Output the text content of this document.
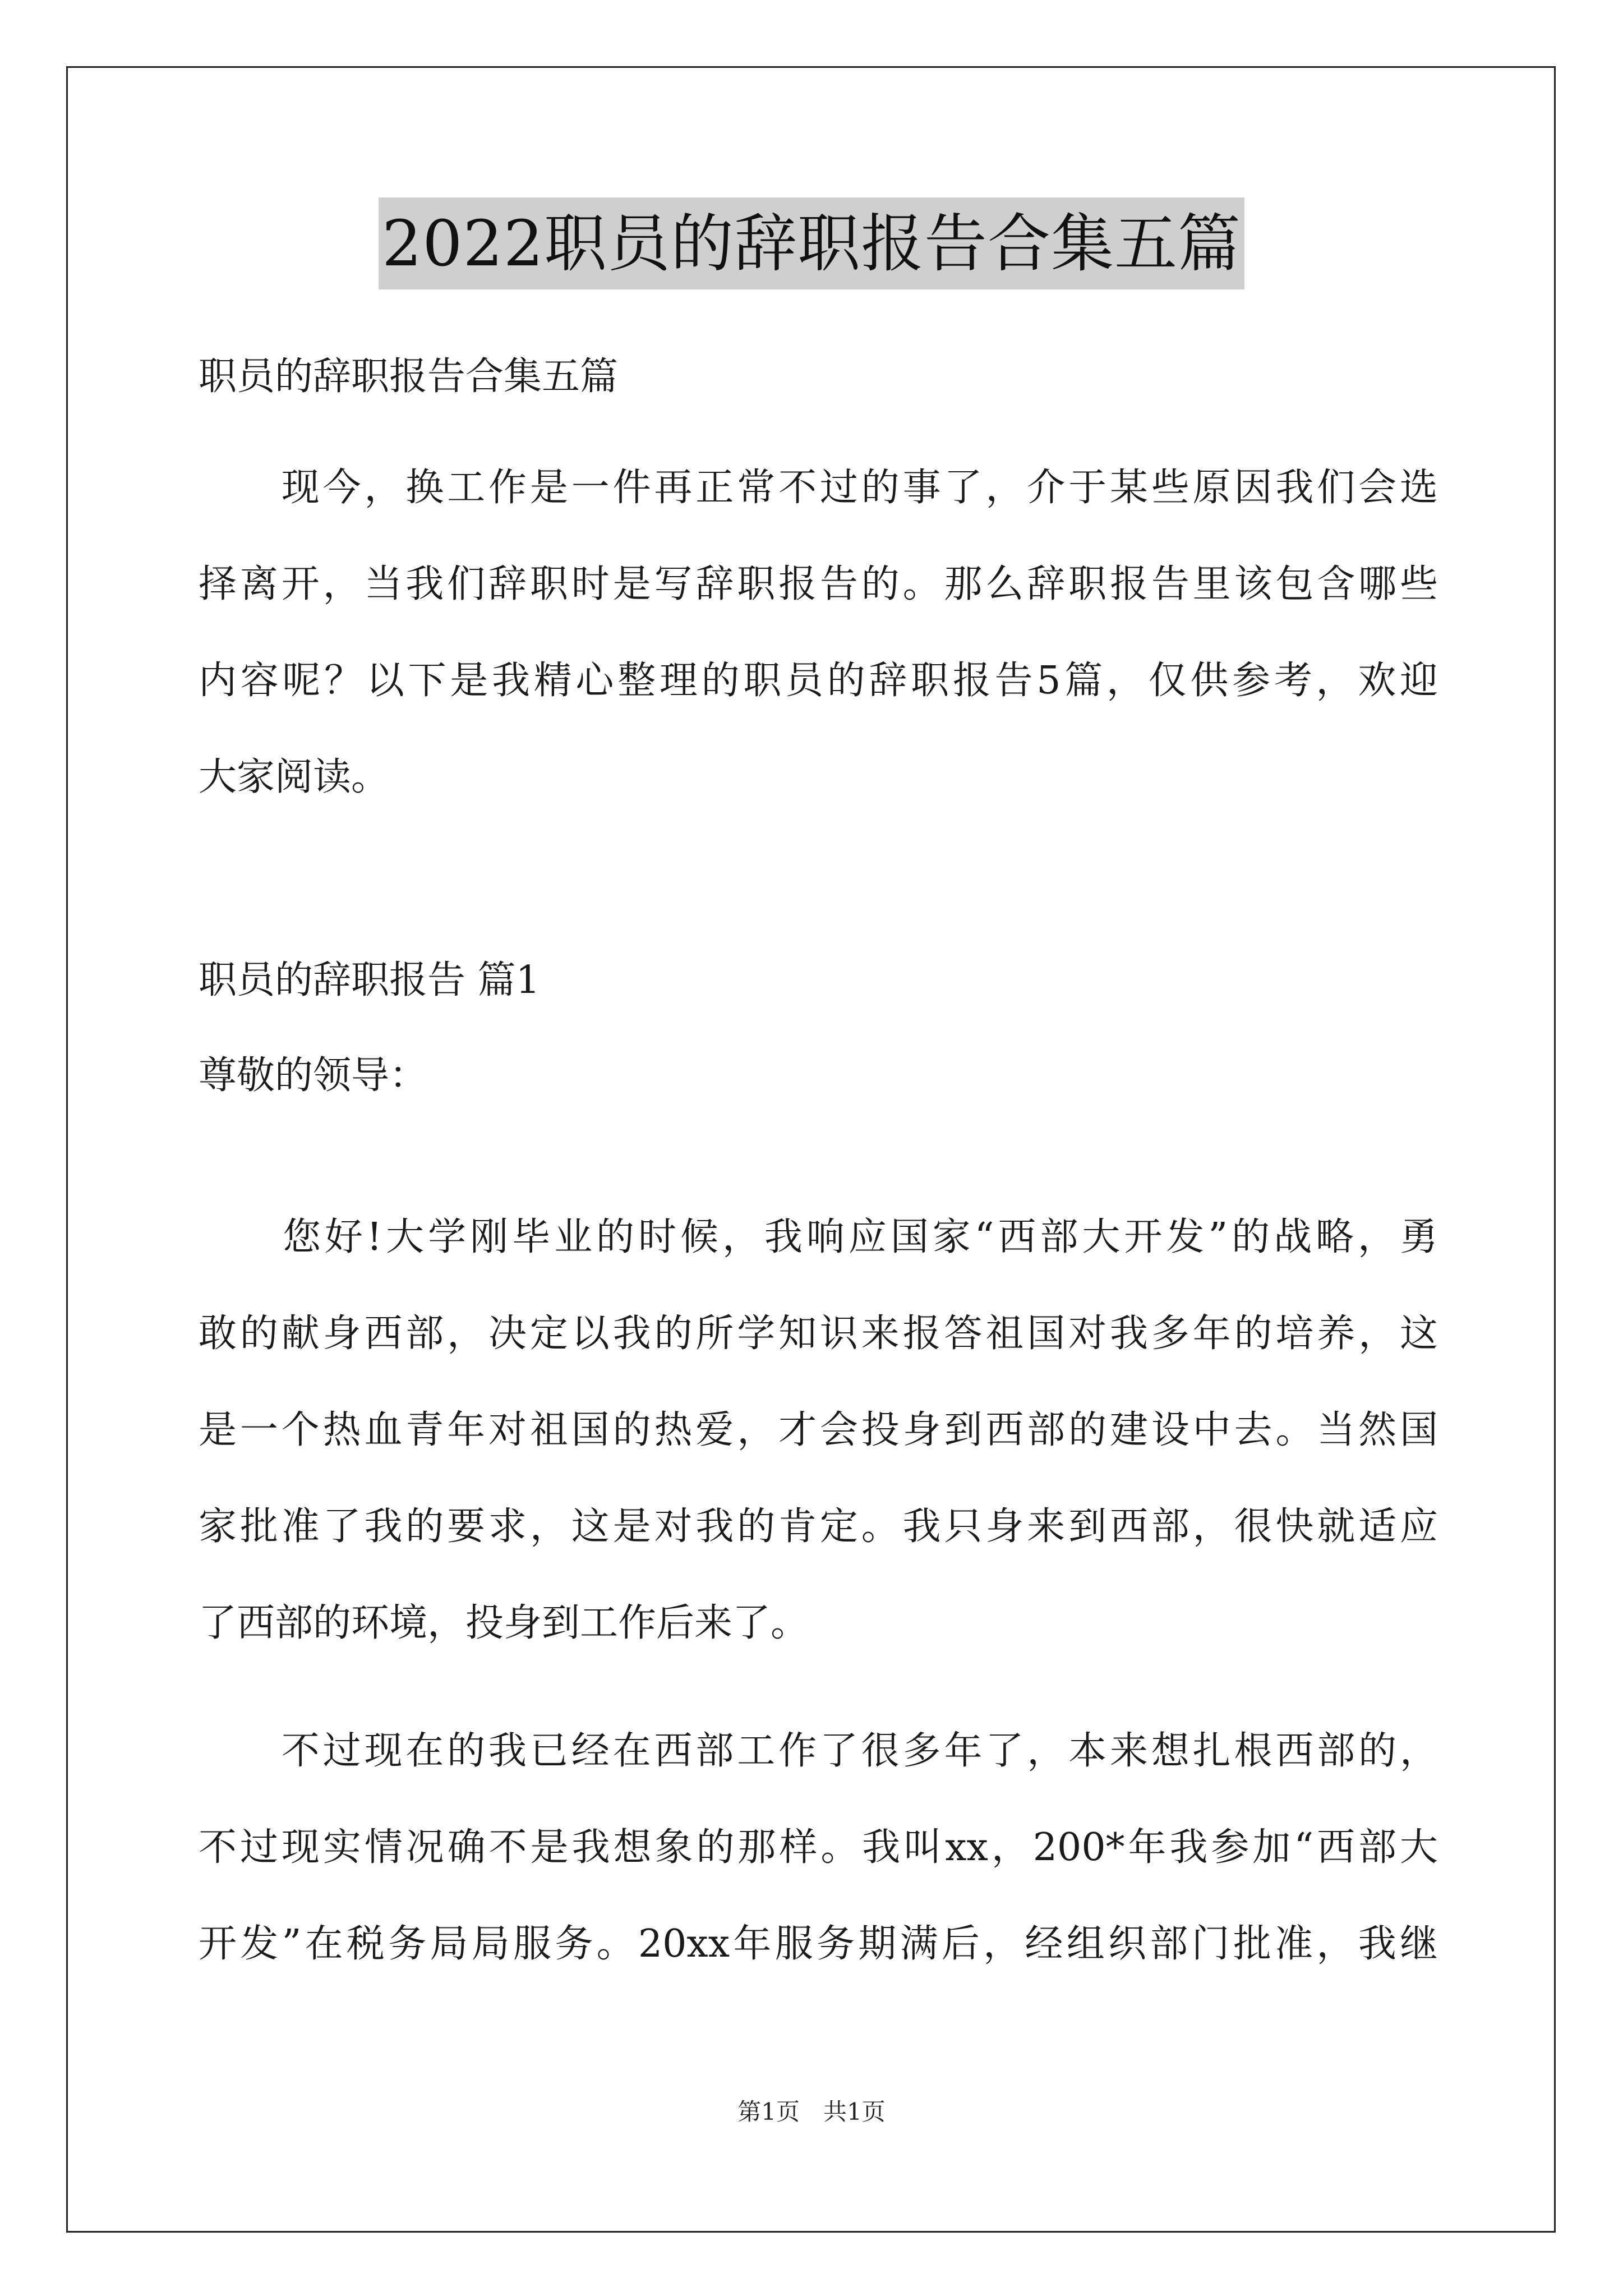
2022职员的辞职报告合集五篇
职员的辞职报告合集五篇
　　现今，换工作是一件再正常不过的事了，介于某些原因我们会选
择离开，当我们辞职时是写辞职报告的。那么辞职报告里该包含哪些
内容呢？以下是我精心整理的职员的辞职报告5篇，仅供参考，欢迎
大家阅读。
职员的辞职报告 篇1
尊敬的领导：
　　您好!大学刚毕业的时候，我响应国家“西部大开发”的战略，勇
敢的献身西部，决定以我的所学知识来报答祖国对我多年的培养，这
是一个热血青年对祖国的热爱，才会投身到西部的建设中去。当然国
家批准了我的要求，这是对我的肯定。我只身来到西部，很快就适应
了西部的环境，投身到工作后来了。
　　不过现在的我已经在西部工作了很多年了，本来想扎根西部的，
不过现实情况确不是我想象的那样。我叫xx，200*年我参加“西部大
开发”在税务局局服务。20xx年服务期满后，经组织部门批准，我继
第1页　共1页
